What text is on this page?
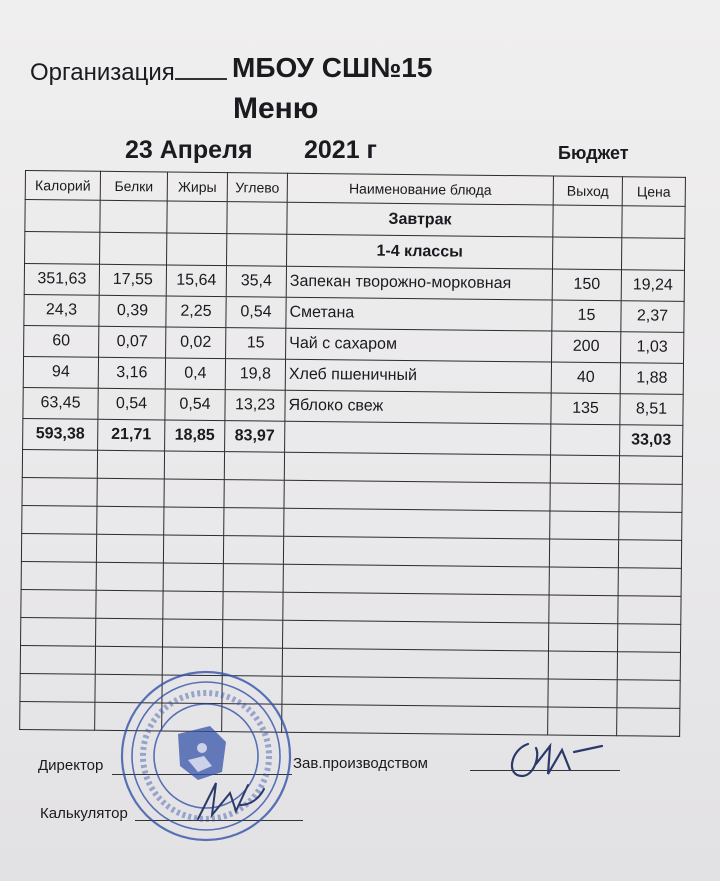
Организация	МБОУ СШ№15
Меню
23 Апреля 2021 г	Бюджет
Калорий	Белки	Жиры	Углево	Наименование блюда	Выход	Цена
				Завтрак		
				1-4 классы		
351,63	17,55	15,64	35,4	Запекан творожно-морковная	150	19,24
24,3	0,39	2,25	0,54	Сметана	15	2,37
60	0,07	0,02	15	Чай с сахаром	200	1,03
94	3,16	0,4	19,8	Хлеб пшеничный	40	1,88
63,45	0,54	0,54	13,23	Яблоко свеж	135	8,51
593,38	21,71	18,85	83,97			33,03

Директор	Зав.производством
Калькулятор
